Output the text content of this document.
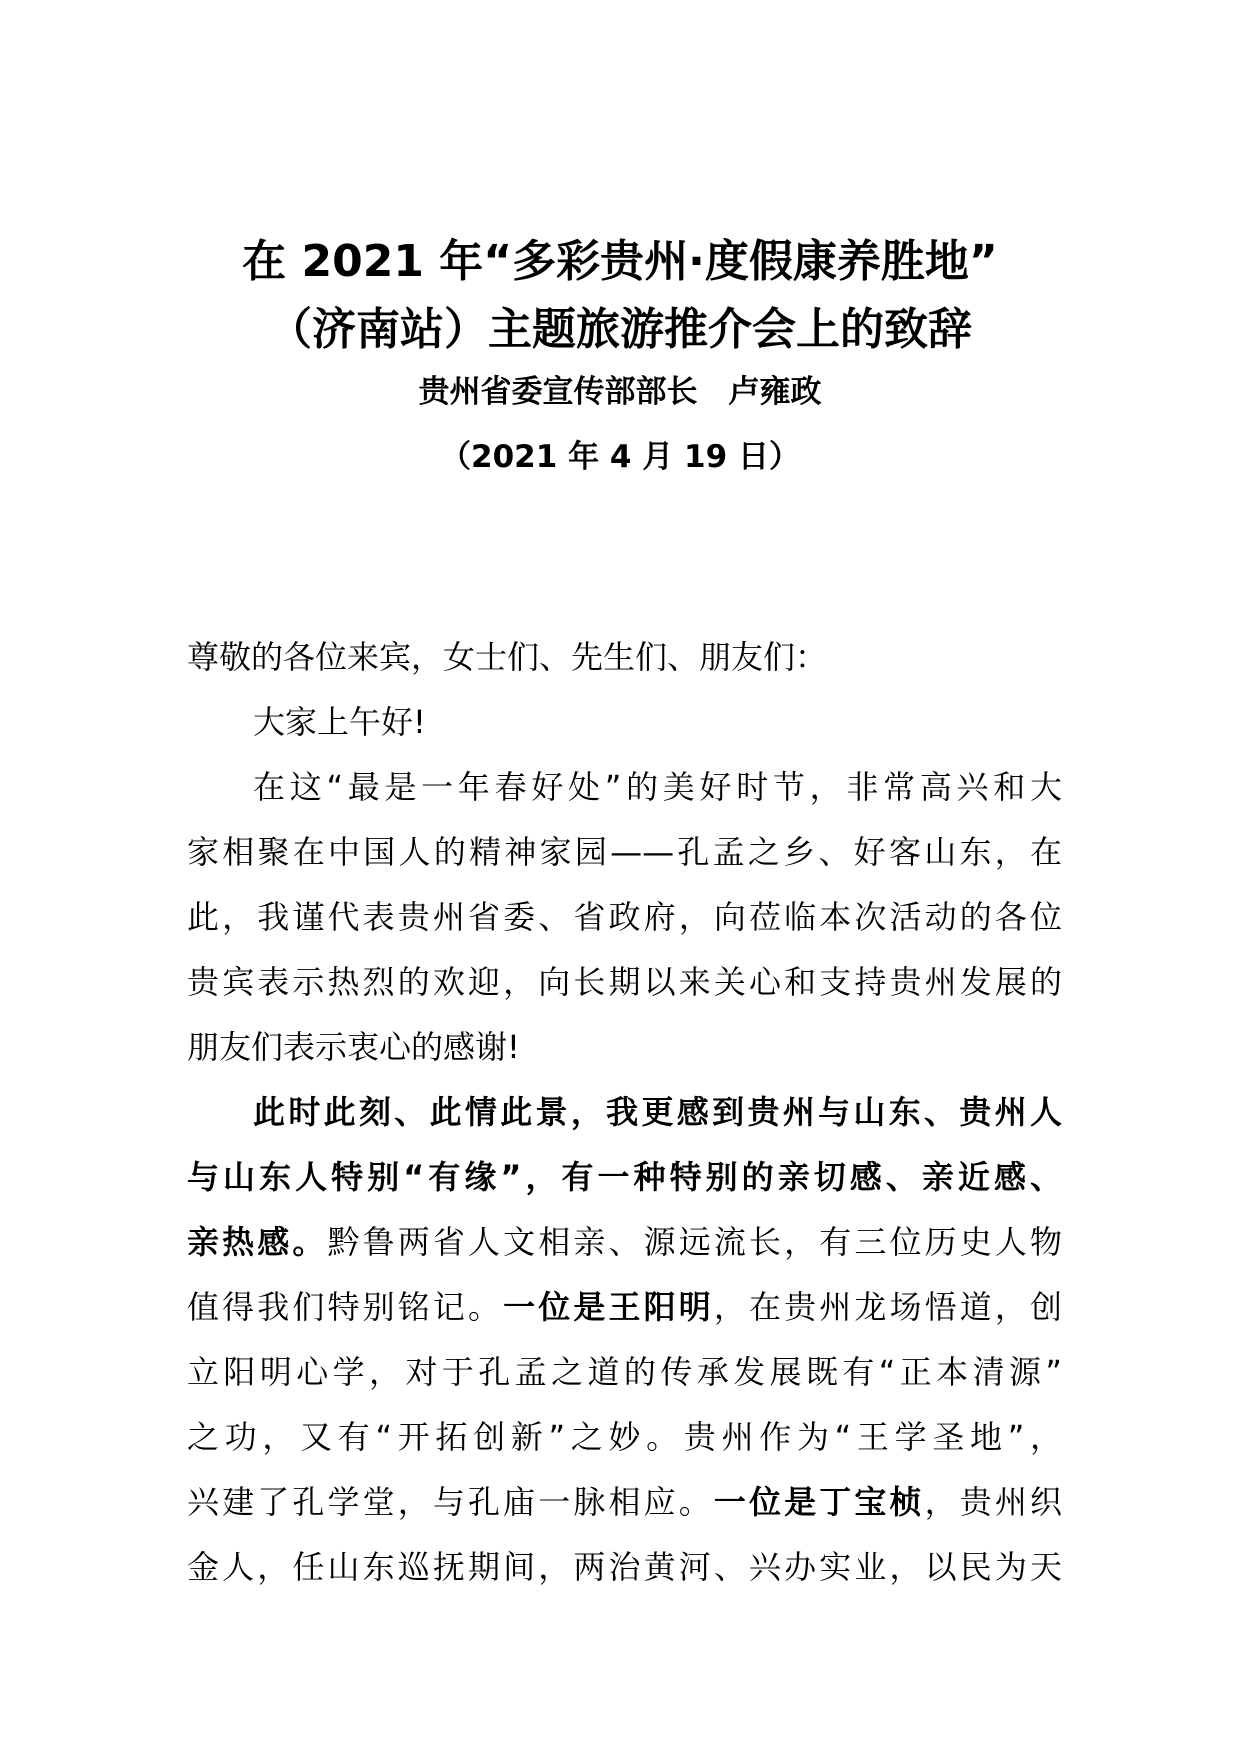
在 2021 年“多彩贵州·度假康养胜地”
（济南站）主题旅游推介会上的致辞
贵州省委宣传部部长　卢雍政
（2021 年 4 月 19 日）
尊敬的各位来宾，女士们、先生们、朋友们：
大家上午好!
在这“最是一年春好处”的美好时节，非常高兴和大
家相聚在中国人的精神家园——孔孟之乡、好客山东，在
此，我谨代表贵州省委、省政府，向莅临本次活动的各位
贵宾表示热烈的欢迎，向长期以来关心和支持贵州发展的
朋友们表示衷心的感谢!
此时此刻、此情此景，我更感到贵州与山东、贵州人
与山东人特别“有缘”，有一种特别的亲切感、亲近感、
亲热感。黔鲁两省人文相亲、源远流长，有三位历史人物
值得我们特别铭记。一位是王阳明，在贵州龙场悟道，创
立阳明心学，对于孔孟之道的传承发展既有“正本清源”
之功，又有“开拓创新”之妙。贵州作为“王学圣地”，
兴建了孔学堂，与孔庙一脉相应。一位是丁宝桢，贵州织
金人，任山东巡抚期间，两治黄河、兴办实业，以民为天
